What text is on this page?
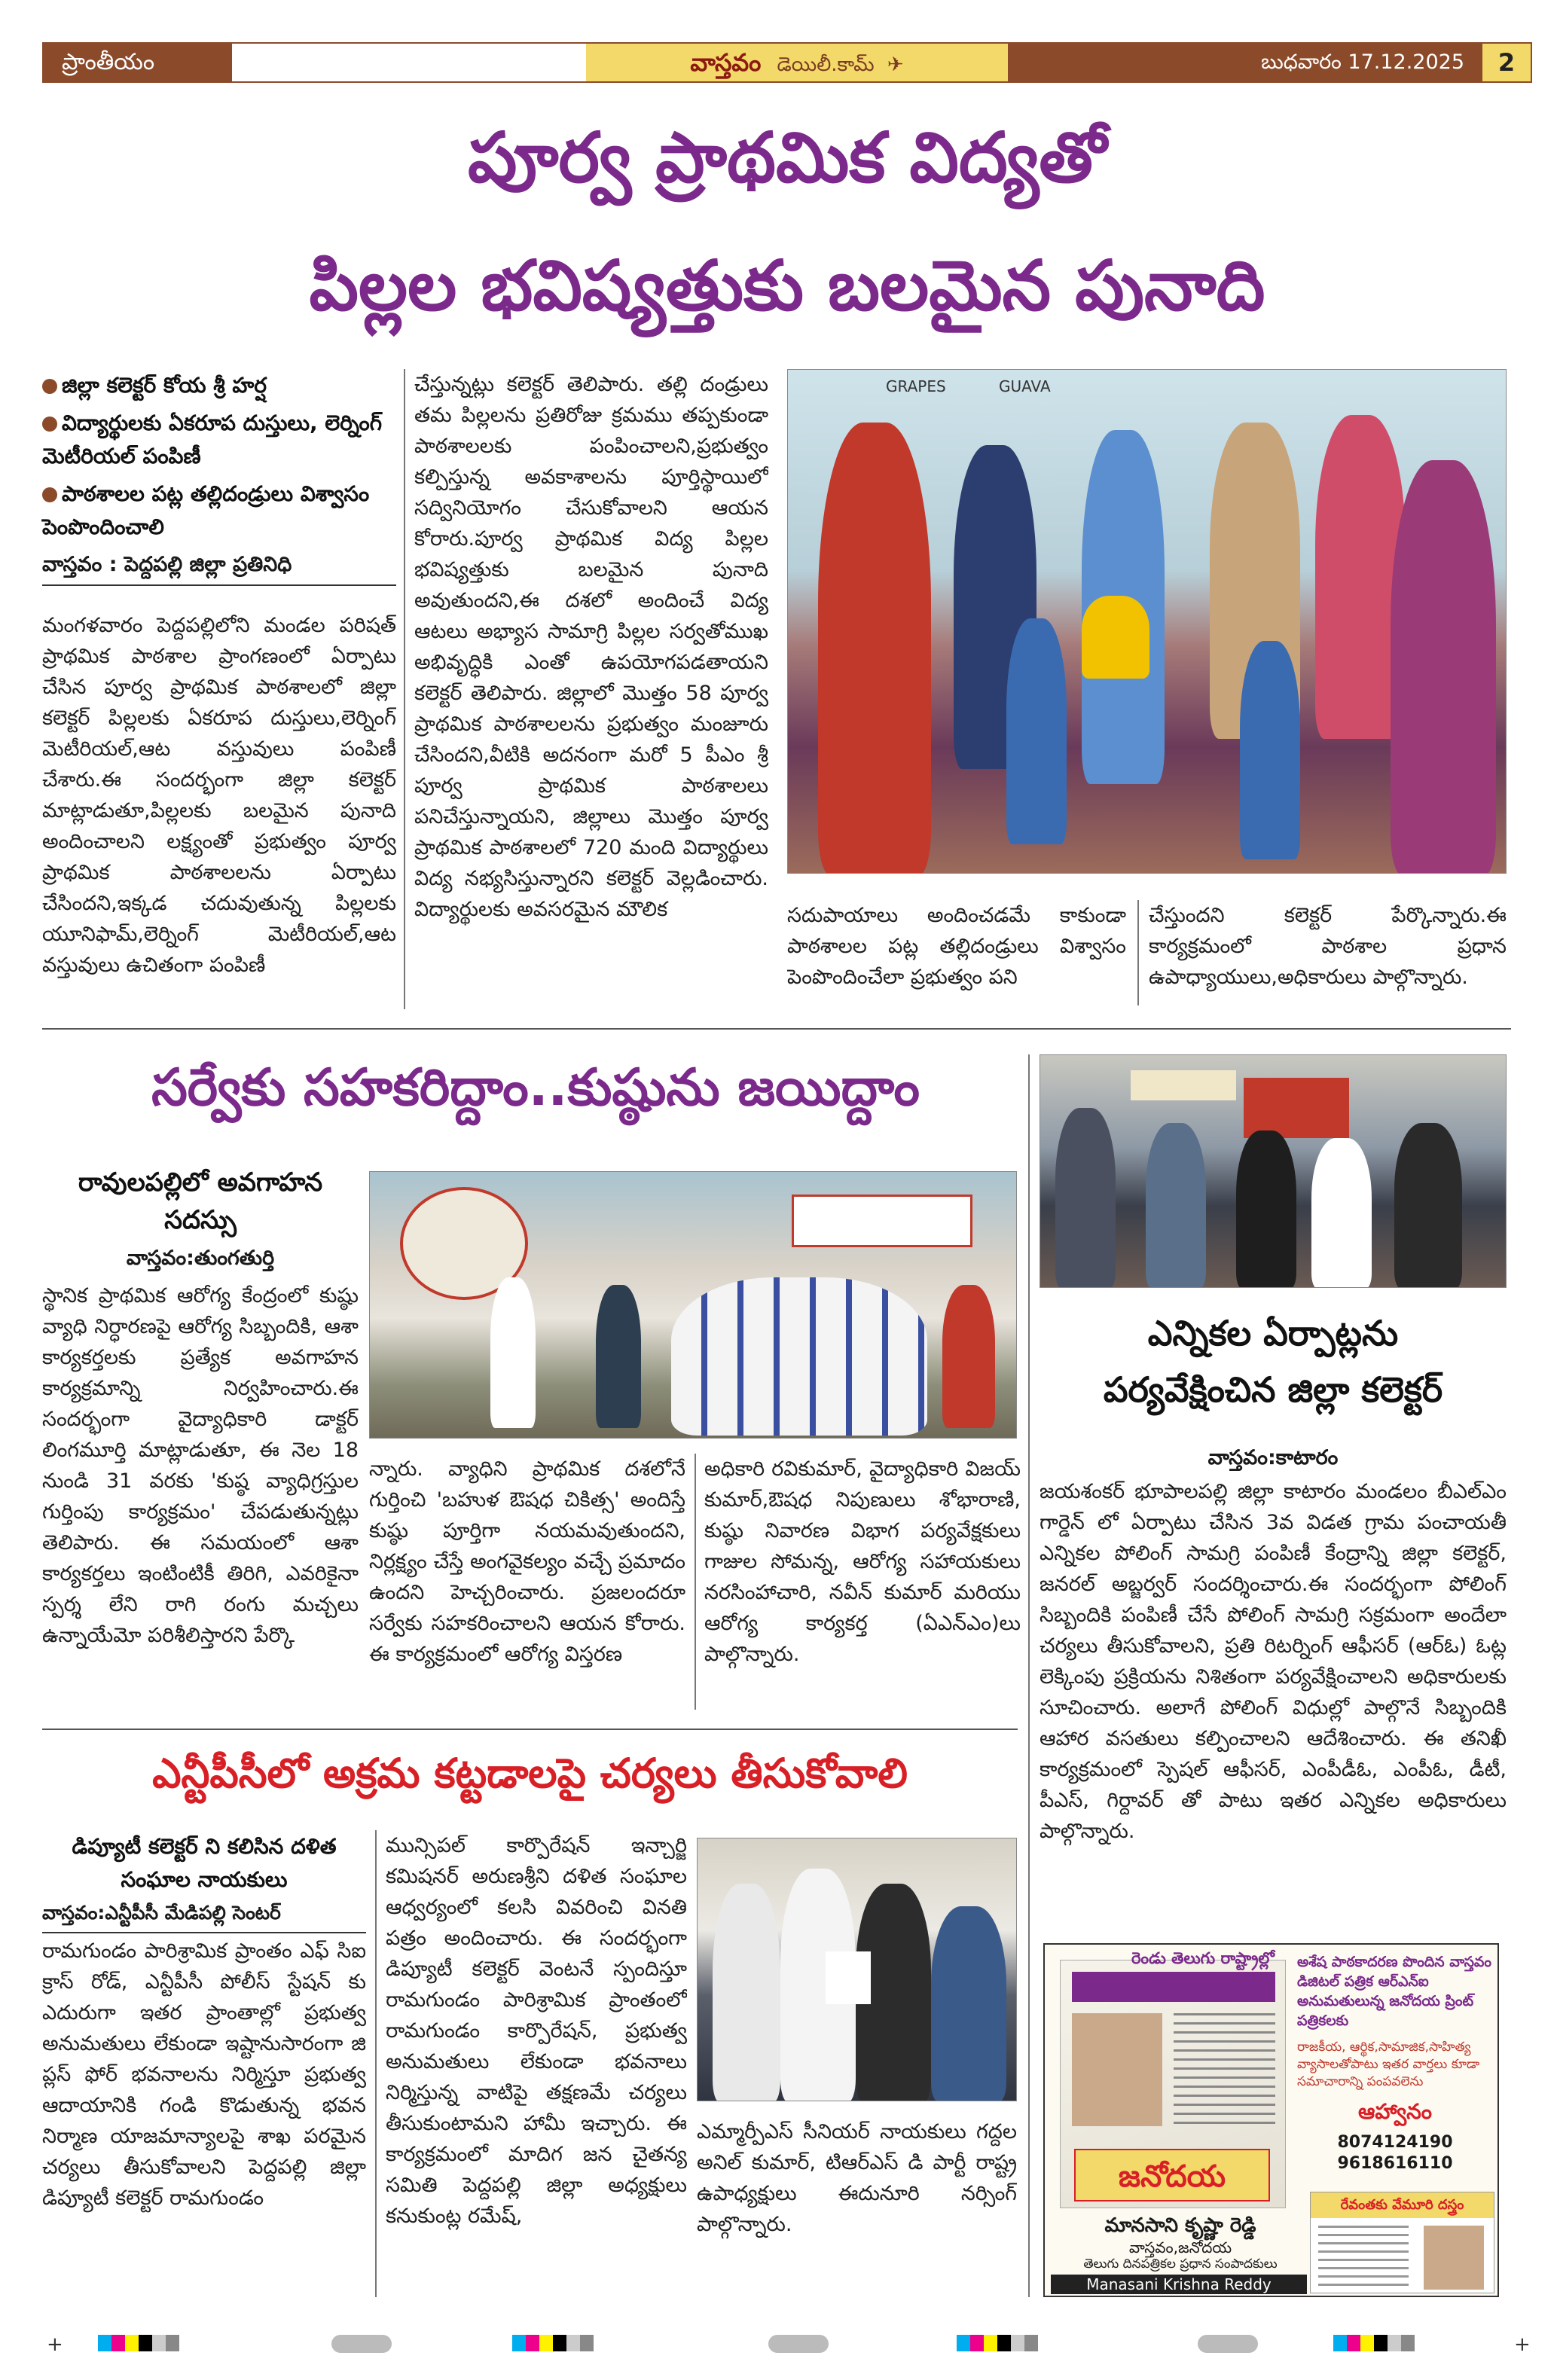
ప్రాంతీయం	వాస్తవం డెయిలీ.కామ్ ✈	బుధవారం 17.12.2025	2
పూర్వ ప్రాథమిక విద్యతో
పిల్లల భవిష్యత్తుకు బలమైన పునాది
జిల్లా కలెక్టర్ కోయ శ్రీ హర్ష
విద్యార్థులకు ఏకరూప దుస్తులు, లెర్నింగ్ మెటీరియల్ పంపిణీ
పాఠశాలల పట్ల తల్లిదండ్రులు విశ్వాసం పెంపొందించాలి
వాస్తవం : పెద్దపల్లి జిల్లా ప్రతినిధి
మంగళవారం పెద్దపల్లిలోని మండల పరిషత్ ప్రాథమిక పాఠశాల ప్రాంగణంలో ఏర్పాటు చేసిన పూర్వ ప్రాథమిక పాఠశాలలో జిల్లా కలెక్టర్ పిల్లలకు ఏకరూప దుస్తులు,లెర్నింగ్ మెటీరియల్,ఆట వస్తువులు పంపిణీ చేశారు.ఈ సందర్భంగా జిల్లా కలెక్టర్ మాట్లాడుతూ,పిల్లలకు బలమైన పునాది అందించాలని లక్ష్యంతో ప్రభుత్వం పూర్వ ప్రాథమిక పాఠశాలలను ఏర్పాటు చేసిందని,ఇక్కడ చదువుతున్న పిల్లలకు యూనిఫామ్,లెర్నింగ్ మెటీరియల్,ఆట వస్తువులు ఉచితంగా పంపిణీ
చేస్తున్నట్లు కలెక్టర్ తెలిపారు. తల్లి దండ్రులు తమ పిల్లలను ప్రతిరోజు క్రమము తప్పకుండా పాఠశాలలకు పంపించాలని,ప్రభుత్వం కల్పిస్తున్న అవకాశాలను పూర్తిస్థాయిలో సద్వినియోగం చేసుకోవాలని ఆయన కోరారు.పూర్వ ప్రాథమిక విద్య పిల్లల భవిష్యత్తుకు బలమైన పునాది అవుతుందని,ఈ దశలో అందించే విద్య ఆటలు అభ్యాస సామాగ్రి పిల్లల సర్వతోముఖ అభివృద్ధికి ఎంతో ఉపయోగపడతాయని కలెక్టర్ తెలిపారు. జిల్లాలో మొత్తం 58 పూర్వ ప్రాథమిక పాఠశాలలను ప్రభుత్వం మంజూరు చేసిందని,వీటికి అదనంగా మరో 5 పీఎం శ్రీ పూర్వ ప్రాథమిక పాఠశాలలు పనిచేస్తున్నాయని, జిల్లాలు మొత్తం పూర్వ ప్రాథమిక పాఠశాలలో 720 మంది విద్యార్థులు విద్య నభ్యసిస్తున్నారని కలెక్టర్ వెల్లడించారు. విద్యార్థులకు అవసరమైన మౌలిక
GRAPES	GUAVA
సదుపాయాలు అందించడమే కాకుండా పాఠశాలల పట్ల తల్లిదండ్రులు విశ్వాసం పెంపొందించేలా ప్రభుత్వం పని
చేస్తుందని కలెక్టర్ పేర్కొన్నారు.ఈ కార్యక్రమంలో పాఠశాల ప్రధాన ఉపాధ్యాయులు,అధికారులు పాల్గొన్నారు.
సర్వేకు సహకరిద్దాం..కుష్ఠును జయిద్దాం
రావులపల్లిలో అవగాహన సదస్సు
వాస్తవం:తుంగతుర్తి
స్థానిక ప్రాథమిక ఆరోగ్య కేంద్రంలో కుష్ఠు వ్యాధి నిర్ధారణపై ఆరోగ్య సిబ్బందికి, ఆశా కార్యకర్తలకు ప్రత్యేక అవగాహన కార్యక్రమాన్ని నిర్వహించారు.ఈ సందర్భంగా వైద్యాధికారి డాక్టర్ లింగమూర్తి మాట్లాడుతూ, ఈ నెల 18 నుండి 31 వరకు 'కుష్ఠ వ్యాధిగ్రస్తుల గుర్తింపు కార్యక్రమం' చేపడుతున్నట్లు తెలిపారు. ఈ సమయంలో ఆశా కార్యకర్తలు ఇంటింటికీ తిరిగి, ఎవరికైనా స్పర్శ లేని రాగి రంగు మచ్చలు ఉన్నాయేమో పరిశీలిస్తారని పేర్కొ
న్నారు. వ్యాధిని ప్రాథమిక దశలోనే గుర్తించి 'బహుళ ఔషధ చికిత్స' అందిస్తే కుష్ఠు పూర్తిగా నయమవుతుందని, నిర్లక్ష్యం చేస్తే అంగవైకల్యం వచ్చే ప్రమాదం ఉందని హెచ్చరించారు. ప్రజలందరూ సర్వేకు సహకరించాలని ఆయన కోరారు. ఈ కార్యక్రమంలో ఆరోగ్య విస్తరణ
అధికారి రవికుమార్, వైద్యాధికారి విజయ్ కుమార్,ఔషధ నిపుణులు శోభారాణి, కుష్ఠు నివారణ విభాగ పర్యవేక్షకులు గాజుల సోమన్న, ఆరోగ్య సహాయకులు నరసింహాచారి, నవీన్ కుమార్ మరియు ఆరోగ్య కార్యకర్త (ఏఎన్ఎం)లు పాల్గొన్నారు.
ఎన్నికల ఏర్పాట్లను
పర్యవేక్షించిన జిల్లా కలెక్టర్
వాస్తవం:కాటారం
జయశంకర్ భూపాలపల్లి జిల్లా కాటారం మండలం బీఎల్ఎం గార్డెన్ లో ఏర్పాటు చేసిన 3వ విడత గ్రామ పంచాయతీ ఎన్నికల పోలింగ్ సామగ్రి పంపిణీ కేంద్రాన్ని జిల్లా కలెక్టర్, జనరల్ అబ్జర్వర్ సందర్శించారు.ఈ సందర్భంగా పోలింగ్ సిబ్బందికి పంపిణీ చేసే పోలింగ్ సామగ్రి సక్రమంగా అందేలా చర్యలు తీసుకోవాలని, ప్రతి రిటర్నింగ్ ఆఫీసర్ (ఆర్ఓ) ఓట్ల లెక్కింపు ప్రక్రియను నిశితంగా పర్యవేక్షించాలని అధికారులకు సూచించారు. అలాగే పోలింగ్ విధుల్లో పాల్గొనే సిబ్బందికి ఆహార వసతులు కల్పించాలని ఆదేశించారు. ఈ తనిఖీ కార్యక్రమంలో స్పెషల్ ఆఫీసర్, ఎంపీడీఓ, ఎంపీఓ, డీటీ, పీఎస్, గిర్దావర్ తో పాటు ఇతర ఎన్నికల అధికారులు పాల్గొన్నారు.
ఎన్టీపీసీలో అక్రమ కట్టడాలపై చర్యలు తీసుకోవాలి
డిప్యూటీ కలెక్టర్ ని కలిసిన దళిత సంఘాల నాయకులు
వాస్తవం:ఎన్టీపీసీ మేడిపల్లి సెంటర్
రామగుండం పారిశ్రామిక ప్రాంతం ఎఫ్ సిఐ క్రాస్ రోడ్, ఎన్టీపీసీ పోలీస్ స్టేషన్ కు ఎదురుగా ఇతర ప్రాంతాల్లో ప్రభుత్వ అనుమతులు లేకుండా ఇష్టానుసారంగా జి ప్లస్ ఫోర్ భవనాలను నిర్మిస్తూ ప్రభుత్వ ఆదాయానికి గండి కొడుతున్న భవన నిర్మాణ యాజమాన్యాలపై శాఖ పరమైన చర్యలు తీసుకోవాలని పెద్దపల్లి జిల్లా డిప్యూటీ కలెక్టర్ రామగుండం
మున్సిపల్ కార్పొరేషన్ ఇన్చార్జి కమిషనర్ అరుణశ్రీని దళిత సంఘాల ఆధ్వర్యంలో కలసి వివరించి వినతి పత్రం అందించారు. ఈ సందర్భంగా డిప్యూటీ కలెక్టర్ వెంటనే స్పందిస్తూ రామగుండం పారిశ్రామిక ప్రాంతంలో రామగుండం కార్పొరేషన్, ప్రభుత్వ అనుమతులు లేకుండా భవనాలు నిర్మిస్తున్న వాటిపై తక్షణమే చర్యలు తీసుకుంటామని హామీ ఇచ్చారు. ఈ కార్యక్రమంలో మాదిగ జన చైతన్య సమితి పెద్దపల్లి జిల్లా అధ్యక్షులు కనుకుంట్ల రమేష్,
ఎమ్మార్పీఎస్ సీనియర్ నాయకులు గద్దల అనిల్ కుమార్, టిఆర్ఎస్ డి పార్టీ రాష్ట్ర ఉపాధ్యక్షులు ఈదునూరి నర్సింగ్ పాల్గొన్నారు.
జనోదయ
రెండు తెలుగు రాష్ట్రాల్లో	అశేష పాఠకాదరణ పొందిన వాస్తవం డిజిటల్ పత్రిక ఆర్ఎన్ఐ అనుమతులున్న జనోదయ ప్రింట్ పత్రికలకు
రాజకీయ, ఆర్థిక,సామాజిక,సాహిత్య వ్యాసాలతోపాటు ఇతర వార్తలు కూడా సమాచారాన్ని పంపవలెను
ఆహ్వానం
8074124190
9618616110
మానసాని కృష్ణా రెడ్డి
వాస్తవం,జనోదయ
తెలుగు దినపత్రికల ప్రధాన సంపాదకులు
Manasani Krishna Reddy
రేవంతకు వేమూరి దస్త్రం
+	+
